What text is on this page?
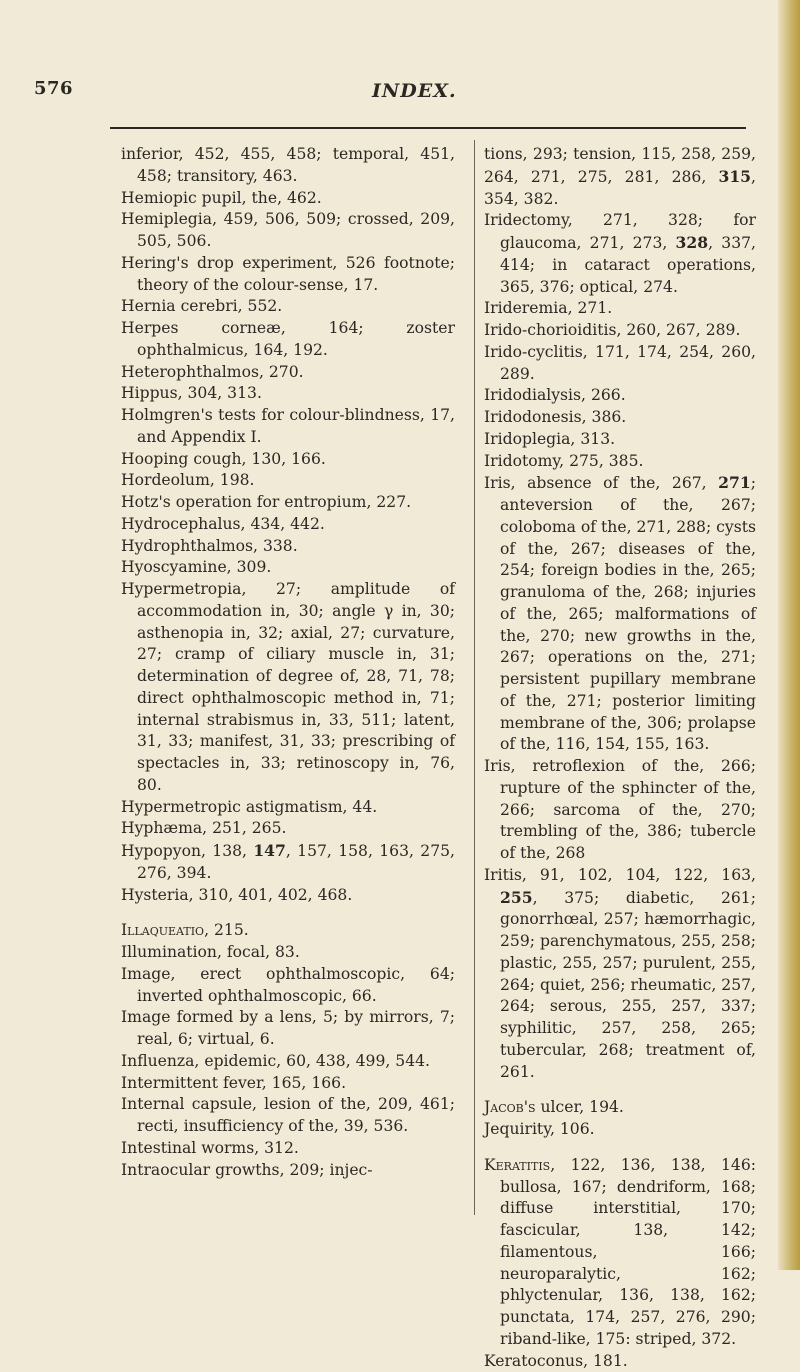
576	INDEX.

inferior, 452, 455, 458; temporal, 451, 458; transitory, 463.

Hemiopic pupil, the, 462.

Hemiplegia, 459, 506, 509; crossed, 209, 505, 506.

Hering's drop experiment, 526 footnote; theory of the colour-sense, 17.

Hernia cerebri, 552.

Herpes corneæ, 164; zoster ophthalmicus, 164, 192.

Heterophthalmos, 270.

Hippus, 304, 313.

Holmgren's tests for colour-blindness, 17, and Appendix I.

Hooping cough, 130, 166.

Hordeolum, 198.

Hotz's operation for entropium, 227.

Hydrocephalus, 434, 442.

Hydrophthalmos, 338.

Hyoscyamine, 309.

Hypermetropia, 27; amplitude of accommodation in, 30; angle γ in, 30; asthenopia in, 32; axial, 27; curvature, 27; cramp of ciliary muscle in, 31; determination of degree of, 28, 71, 78; direct ophthalmoscopic method in, 71; internal strabismus in, 33, 511; latent, 31, 33; manifest, 31, 33; prescribing of spectacles in, 33; retinoscopy in, 76, 80.

Hypermetropic astigmatism, 44.

Hyphæma, 251, 265.

Hypopyon, 138, 147, 157, 158, 163, 275, 276, 394.

Hysteria, 310, 401, 402, 468.

Illaqueatio, 215.

Illumination, focal, 83.

Image, erect ophthalmoscopic, 64; inverted ophthalmoscopic, 66.

Image formed by a lens, 5; by mirrors, 7; real, 6; virtual, 6.

Influenza, epidemic, 60, 438, 499, 544.

Intermittent fever, 165, 166.

Internal capsule, lesion of the, 209, 461; recti, insufficiency of the, 39, 536.

Intestinal worms, 312.

Intraocular growths, 209; injec-

tions, 293; tension, 115, 258, 259, 264, 271, 275, 281, 286, 315, 354, 382.

Iridectomy, 271, 328; for glaucoma, 271, 273, 328, 337, 414; in cataract operations, 365, 376; optical, 274.

Irideremia, 271.

Irido-chorioiditis, 260, 267, 289.

Irido-cyclitis, 171, 174, 254, 260, 289.

Iridodialysis, 266.

Iridodonesis, 386.

Iridoplegia, 313.

Iridotomy, 275, 385.

Iris, absence of the, 267, 271; anteversion of the, 267; coloboma of the, 271, 288; cysts of the, 267; diseases of the, 254; foreign bodies in the, 265; granuloma of the, 268; injuries of the, 265; malformations of the, 270; new growths in the, 267; operations on the, 271; persistent pupillary membrane of the, 271; posterior limiting membrane of the, 306; prolapse of the, 116, 154, 155, 163.

Iris, retroflexion of the, 266; rupture of the sphincter of the, 266; sarcoma of the, 270; trembling of the, 386; tubercle of the, 268

Iritis, 91, 102, 104, 122, 163, 255, 375; diabetic, 261; gonorrhœal, 257; hæmorrhagic, 259; parenchymatous, 255, 258; plastic, 255, 257; purulent, 255, 264; quiet, 256; rheumatic, 257, 264; serous, 255, 257, 337; syphilitic, 257, 258, 265; tubercular, 268; treatment of, 261.

Jacob's ulcer, 194.

Jequirity, 106.

Keratitis, 122, 136, 138, 146: bullosa, 167; dendriform, 168; diffuse interstitial, 170; fascicular, 138, 142; filamentous, 166; neuroparalytic, 162; phlyctenular, 136, 138, 162; punctata, 174, 257, 276, 290; riband-like, 175: striped, 372.

Keratoconus, 181.
